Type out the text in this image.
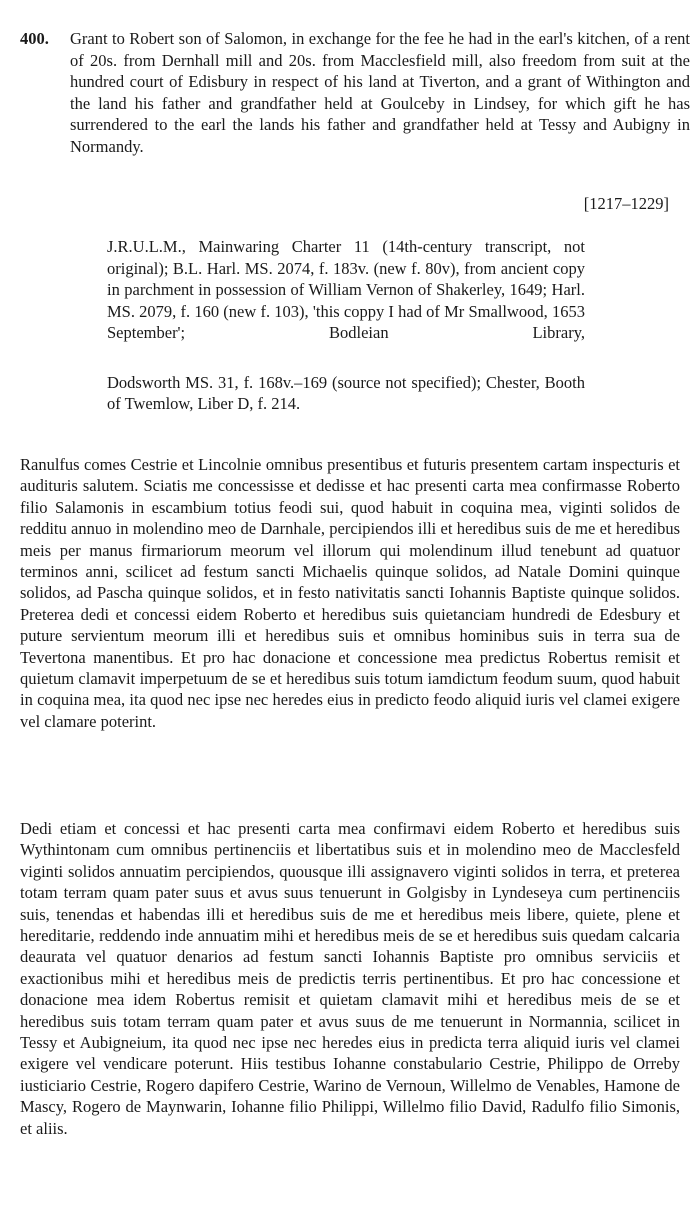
400. Grant to Robert son of Salomon, in exchange for the fee he had in the earl's kitchen, of a rent of 20s. from Dernhall mill and 20s. from Macclesfield mill, also freedom from suit at the hundred court of Edisbury in respect of his land at Tiverton, and a grant of Withington and the land his father and grandfather held at Goulceby in Lindsey, for which gift he has surrendered to the earl the lands his father and grandfather held at Tessy and Aubigny in Normandy.
[1217–1229]

J.R.U.L.M., Mainwaring Charter 11 (14th-century transcript, not original); B.L. Harl. MS. 2074, f. 183v. (new f. 80v), from ancient copy in parchment in possession of William Vernon of Shakerley, 1649; Harl. MS. 2079, f. 160 (new f. 103), 'this coppy I had of Mr Smallwood, 1653 September'; Bodleian Library,

Dodsworth MS. 31, f. 168v.–169 (source not specified); Chester, Booth of Twemlow, Liber D, f. 214.

Ranulfus comes Cestrie et Lincolnie omnibus presentibus et futuris presentem cartam inspecturis et audituris salutem. Sciatis me concessisse et dedisse et hac presenti carta mea confirmasse Roberto filio Salamonis in escambium totius feodi sui, quod habuit in coquina mea, viginti solidos de redditu annuo in molendino meo de Darnhale, percipiendos illi et heredibus suis de me et heredibus meis per manus firmariorum meorum vel illorum qui molendinum illud tenebunt ad quatuor terminos anni, scilicet ad festum sancti Michaelis quinque solidos, ad Natale Domini quinque solidos, ad Pascha quinque solidos, et in festo nativitatis sancti Iohannis Baptiste quinque solidos. Preterea dedi et concessi eidem Roberto et heredibus suis quietanciam hundredi de Edesbury et puture servientum meorum illi et heredibus suis et omnibus hominibus suis in terra sua de Tevertona manentibus. Et pro hac donacione et concessione mea predictus Robertus remisit et quietum clamavit imperpetuum de se et heredibus suis totum iamdictum feodum suum, quod habuit in coquina mea, ita quod nec ipse nec heredes eius in predicto feodo aliquid iuris vel clamei exigere vel clamare poterint.

Dedi etiam et concessi et hac presenti carta mea confirmavi eidem Roberto et heredibus suis Wythintonam cum omnibus pertinenciis et libertatibus suis et in molendino meo de Macclesfeld viginti solidos annuatim percipiendos, quousque illi assignavero viginti solidos in terra, et preterea totam terram quam pater suus et avus suus tenuerunt in Golgisby in Lyndeseya cum pertinenciis suis, tenendas et habendas illi et heredibus suis de me et heredibus meis libere, quiete, plene et hereditarie, reddendo inde annuatim mihi et heredibus meis de se et heredibus suis quedam calcaria deaurata vel quatuor denarios ad festum sancti Iohannis Baptiste pro omnibus serviciis et exactionibus mihi et heredibus meis de predictis terris pertinentibus. Et pro hac concessione et donacione mea idem Robertus remisit et quietam clamavit mihi et heredibus meis de se et heredibus suis totam terram quam pater et avus suus de me tenuerunt in Normannia, scilicet in Tessy et Aubigneium, ita quod nec ipse nec heredes eius in predicta terra aliquid iuris vel clamei exigere vel vendicare poterunt. Hiis testibus Iohanne constabulario Cestrie, Philippo de Orreby iusticiario Cestrie, Rogero dapifero Cestrie, Warino de Vernoun, Willelmo de Venables, Hamone de Mascy, Rogero de Maynwarin, Iohanne filio Philippi, Willelmo filio David, Radulfo filio Simonis, et aliis.
